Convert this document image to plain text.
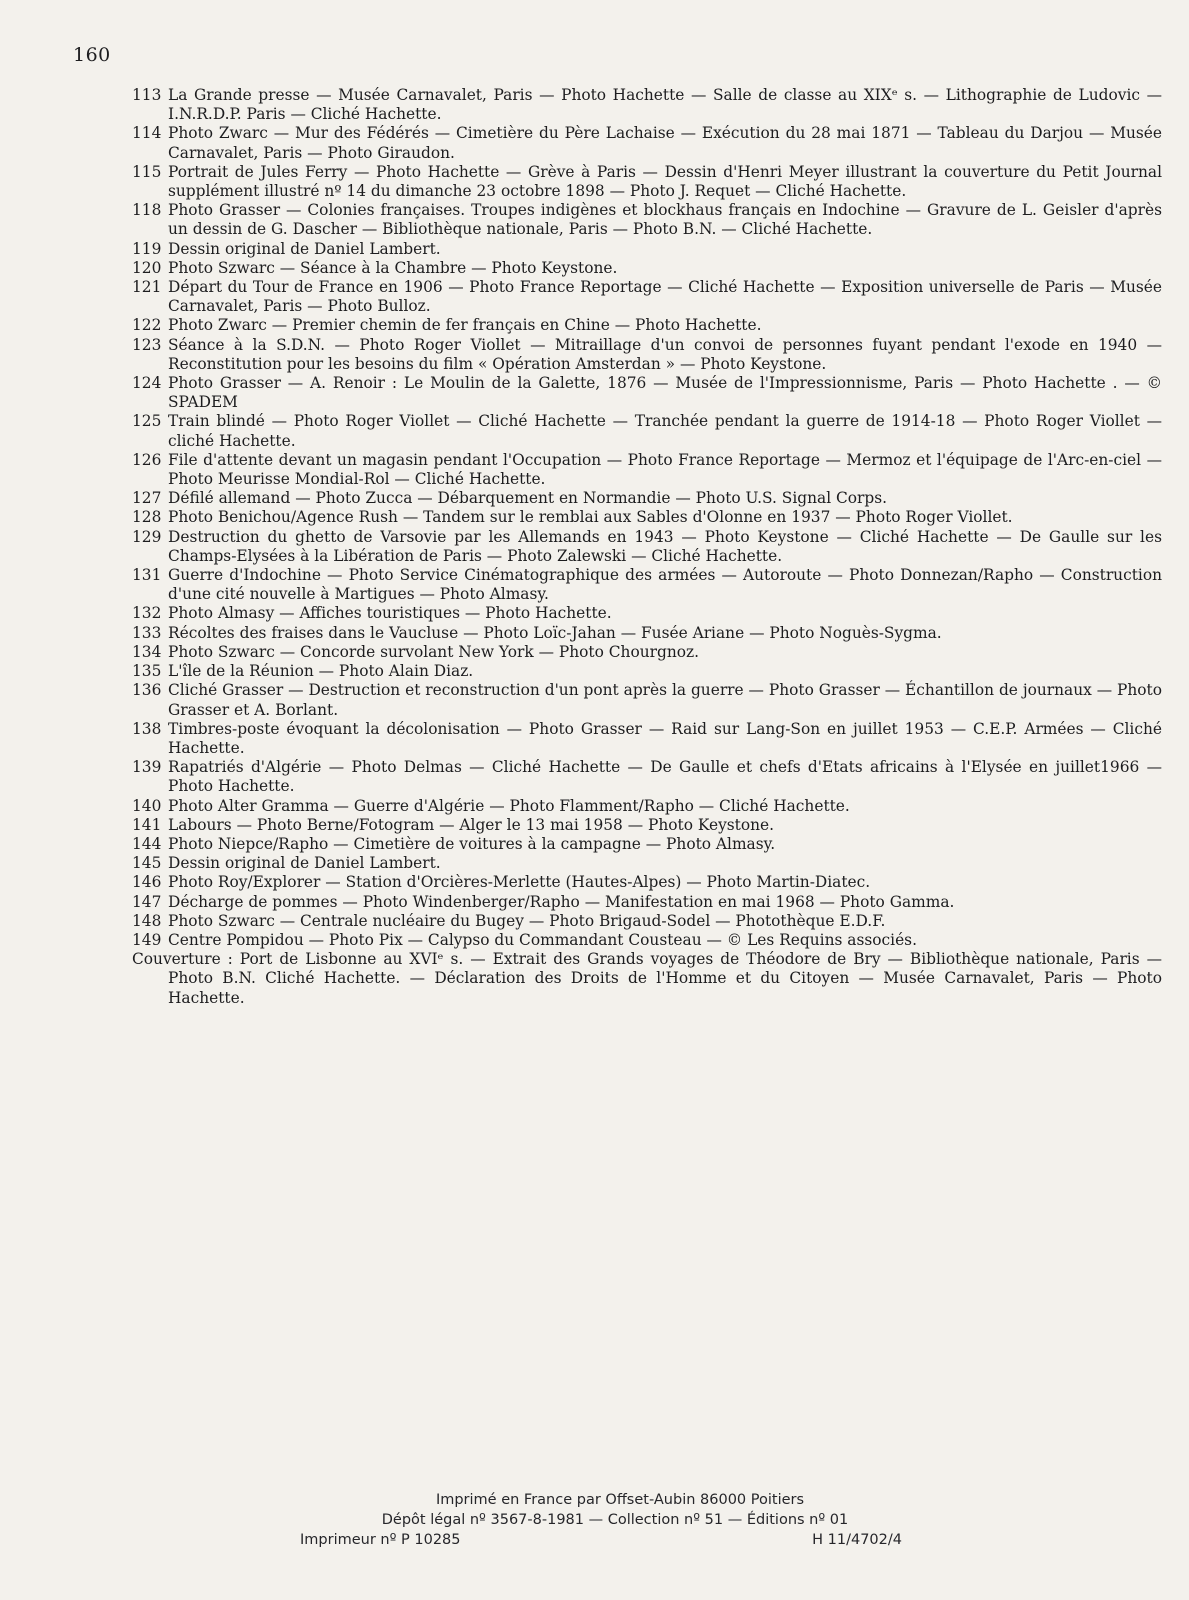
160
113 La Grande presse — Musée Carnavalet, Paris — Photo Hachette — Salle de classe au XIXᵉ s. — Lithographie de Ludovic — I.N.R.D.P. Paris — Cliché Hachette.
114 Photo Zwarc — Mur des Fédérés — Cimetière du Père Lachaise — Exécution du 28 mai 1871 — Tableau du Darjou — Musée Carnavalet, Paris — Photo Giraudon.
115 Portrait de Jules Ferry — Photo Hachette — Grève à Paris — Dessin d'Henri Meyer illustrant la couverture du Petit Journal supplément illustré nº 14 du dimanche 23 octobre 1898 — Photo J. Requet — Cliché Hachette.
118 Photo Grasser — Colonies françaises. Troupes indigènes et blockhaus français en Indochine — Gravure de L. Geisler d'après un dessin de G. Dascher — Bibliothèque nationale, Paris — Photo B.N. — Cliché Hachette.
119 Dessin original de Daniel Lambert.
120 Photo Szwarc — Séance à la Chambre — Photo Keystone.
121 Départ du Tour de France en 1906 — Photo France Reportage — Cliché Hachette — Exposition universelle de Paris — Musée Carnavalet, Paris — Photo Bulloz.
122 Photo Zwarc — Premier chemin de fer français en Chine — Photo Hachette.
123 Séance à la S.D.N. — Photo Roger Viollet — Mitraillage d'un convoi de personnes fuyant pendant l'exode en 1940 — Reconstitution pour les besoins du film « Opération Amsterdan » — Photo Keystone.
124 Photo Grasser — A. Renoir : Le Moulin de la Galette, 1876 — Musée de l'Impressionnisme, Paris — Photo Hachette . — © SPADEM
125 Train blindé — Photo Roger Viollet — Cliché Hachette — Tranchée pendant la guerre de 1914-18 — Photo Roger Viollet — cliché Hachette.
126 File d'attente devant un magasin pendant l'Occupation — Photo France Reportage — Mermoz et l'équipage de l'Arc-en-ciel — Photo Meurisse Mondial-Rol — Cliché Hachette.
127 Défilé allemand — Photo Zucca — Débarquement en Normandie — Photo U.S. Signal Corps.
128 Photo Benichou/Agence Rush — Tandem sur le remblai aux Sables d'Olonne en 1937 — Photo Roger Viollet.
129 Destruction du ghetto de Varsovie par les Allemands en 1943 — Photo Keystone — Cliché Hachette — De Gaulle sur les Champs-Elysées à la Libération de Paris — Photo Zalewski — Cliché Hachette.
131 Guerre d'Indochine — Photo Service Cinématographique des armées — Autoroute — Photo Donnezan/Rapho — Construction d'une cité nouvelle à Martigues — Photo Almasy.
132 Photo Almasy — Affiches touristiques — Photo Hachette.
133 Récoltes des fraises dans le Vaucluse — Photo Loïc-Jahan — Fusée Ariane — Photo Noguès-Sygma.
134 Photo Szwarc — Concorde survolant New York — Photo Chourgnoz.
135 L'île de la Réunion — Photo Alain Diaz.
136 Cliché Grasser — Destruction et reconstruction d'un pont après la guerre — Photo Grasser — Échantillon de journaux — Photo Grasser et A. Borlant.
138 Timbres-poste évoquant la décolonisation — Photo Grasser — Raid sur Lang-Son en juillet 1953 — C.E.P. Armées — Cliché Hachette.
139 Rapatriés d'Algérie — Photo Delmas — Cliché Hachette — De Gaulle et chefs d'Etats africains à l'Elysée en juillet1966 — Photo Hachette.
140 Photo Alter Gramma — Guerre d'Algérie — Photo Flamment/Rapho — Cliché Hachette.
141 Labours — Photo Berne/Fotogram — Alger le 13 mai 1958 — Photo Keystone.
144 Photo Niepce/Rapho — Cimetière de voitures à la campagne — Photo Almasy.
145 Dessin original de Daniel Lambert.
146 Photo Roy/Explorer — Station d'Orcières-Merlette (Hautes-Alpes) — Photo Martin-Diatec.
147 Décharge de pommes — Photo Windenberger/Rapho — Manifestation en mai 1968 — Photo Gamma.
148 Photo Szwarc — Centrale nucléaire du Bugey — Photo Brigaud-Sodel — Photothèque E.D.F.
149 Centre Pompidou — Photo Pix — Calypso du Commandant Cousteau — © Les Requins associés.
Couverture : Port de Lisbonne au XVIᵉ s. — Extrait des Grands voyages de Théodore de Bry — Bibliothèque nationale, Paris — Photo B.N. Cliché Hachette. — Déclaration des Droits de l'Homme et du Citoyen — Musée Carnavalet, Paris — Photo Hachette.
Imprimé en France par Offset-Aubin 86000 Poitiers
Dépôt légal nº 3567-8-1981 — Collection nº 51 — Éditions nº 01
Imprimeur nº P 10285	H 11/4702/4
